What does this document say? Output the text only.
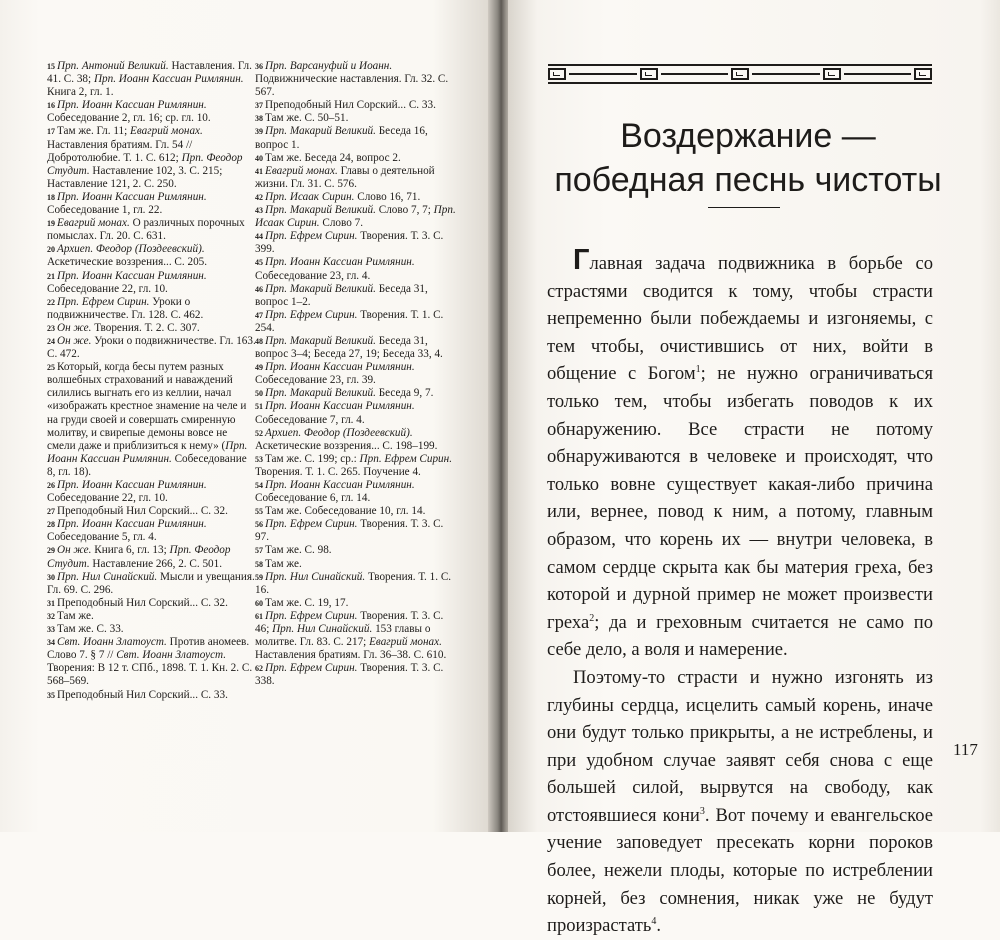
15 Прп. Антоний Великий. Наставления. Гл. 41. С. 38; Прп. Иоанн Кассиан Римлянин. Книга 2, гл. 1.

16 Прп. Иоанн Кассиан Римлянин. Собеседование 2, гл. 16; ср. гл. 10.

17 Там же. Гл. 11; Евагрий монах. Наставления братиям. Гл. 54 // Добротолюбие. Т. 1. С. 612; Прп. Феодор Студит. Наставление 102, 3. С. 215; Наставление 121, 2. С. 250.

18 Прп. Иоанн Кассиан Римлянин. Собеседование 1, гл. 22.

19 Евагрий монах. О различных порочных помыслах. Гл. 20. С. 631.

20 Архиеп. Феодор (Поздеевский). Аскетические воззрения... С. 205.

21 Прп. Иоанн Кассиан Римлянин. Собеседование 22, гл. 10.

22 Прп. Ефрем Сирин. Уроки о подвижничестве. Гл. 128. С. 462.

23 Он же. Творения. Т. 2. С. 307.

24 Он же. Уроки о подвижничестве. Гл. 163. С. 472.

25 Который, когда бесы путем разных волшебных страхований и наваждений силились выгнать его из келлии, начал «изображать крестное знамение на челе и на груди своей и совершать смиренную молитву, и свирепые демоны вовсе не смели даже и приблизиться к нему» (Прп. Иоанн Кассиан Римлянин. Собеседование 8, гл. 18).

26 Прп. Иоанн Кассиан Римлянин. Собеседование 22, гл. 10.

27 Преподобный Нил Сорский... С. 32.

28 Прп. Иоанн Кассиан Римлянин. Собеседование 5, гл. 4.

29 Он же. Книга 6, гл. 13; Прп. Феодор Студит. Наставление 266, 2. С. 501.

30 Прп. Нил Синайский. Мысли и увещания. Гл. 69. С. 296.

31 Преподобный Нил Сорский... С. 32.

32 Там же.

33 Там же. С. 33.

34 Свт. Иоанн Златоуст. Против аномеев. Слово 7. § 7 // Свт. Иоанн Златоуст. Творения: В 12 т. СПб., 1898. Т. 1. Кн. 2. С. 568–569.

35 Преподобный Нил Сорский... С. 33.

36 Прп. Варсануфий и Иоанн. Подвижнические наставления. Гл. 32. С. 567.

37 Преподобный Нил Сорский... С. 33.

38 Там же. С. 50–51.

39 Прп. Макарий Великий. Беседа 16, вопрос 1.

40 Там же. Беседа 24, вопрос 2.

41 Евагрий монах. Главы о деятельной жизни. Гл. 31. С. 576.

42 Прп. Исаак Сирин. Слово 16, 71.

43 Прп. Макарий Великий. Слово 7, 7; Прп. Исаак Сирин. Слово 7.

44 Прп. Ефрем Сирин. Творения. Т. 3. С. 399.

45 Прп. Иоанн Кассиан Римлянин. Собеседование 23, гл. 4.

46 Прп. Макарий Великий. Беседа 31, вопрос 1–2.

47 Прп. Ефрем Сирин. Творения. Т. 1. С. 254.

48 Прп. Макарий Великий. Беседа 31, вопрос 3–4; Беседа 27, 19; Беседа 33, 4.

49 Прп. Иоанн Кассиан Римлянин. Собеседование 23, гл. 39.

50 Прп. Макарий Великий. Беседа 9, 7.

51 Прп. Иоанн Кассиан Римлянин. Собеседование 7, гл. 4.

52 Архиеп. Феодор (Поздеевский). Аскетические воззрения... С. 198–199.

53 Там же. С. 199; ср.: Прп. Ефрем Сирин. Творения. Т. 1. С. 265. Поучение 4.

54 Прп. Иоанн Кассиан Римлянин. Собеседование 6, гл. 14.

55 Там же. Собеседование 10, гл. 14.

56 Прп. Ефрем Сирин. Творения. Т. 3. С. 97.

57 Там же. С. 98.

58 Там же.

59 Прп. Нил Синайский. Творения. Т. 1. С. 16.

60 Там же. С. 19, 17.

61 Прп. Ефрем Сирин. Творения. Т. 3. С. 46; Прп. Нил Синайский. 153 главы о молитве. Гл. 83. С. 217; Евагрий монах. Наставления братиям. Гл. 36–38. С. 610.

62 Прп. Ефрем Сирин. Творения. Т. 3. С. 338.

Воздержание —
победная песнь чистоты

Главная задача подвижника в борьбе со страстями сводится к тому, чтобы страсти непременно были побеждаемы и изгоняемы, с тем чтобы, очистившись от них, войти в общение с Богом$^1$; не нужно ограничиваться только тем, чтобы избегать поводов к их обнаружению. Все страсти не потому обнаруживаются в человеке и происходят, что только вовне существует какая-либо причина или, вернее, повод к ним, а потому, главным образом, что корень их — внутри человека, в самом сердце скрыта как бы материя греха, без которой и дурной пример не может произвести греха$^2$; да и греховным считается не само по себе дело, а воля и намерение.

Поэтому-то страсти и нужно изгонять из глубины сердца, исцелить самый корень, иначе они будут только прикрыты, а не истреблены, и при удобном случае заявят себя снова с еще большей силой, вырвутся на свободу, как отстоявшиеся кони$^3$. Вот почему и евангельское учение заповедует пресекать корни пороков более, нежели плоды, которые по истреблении корней, без сомнения, никак уже не будут произрастать$^4$.

117
